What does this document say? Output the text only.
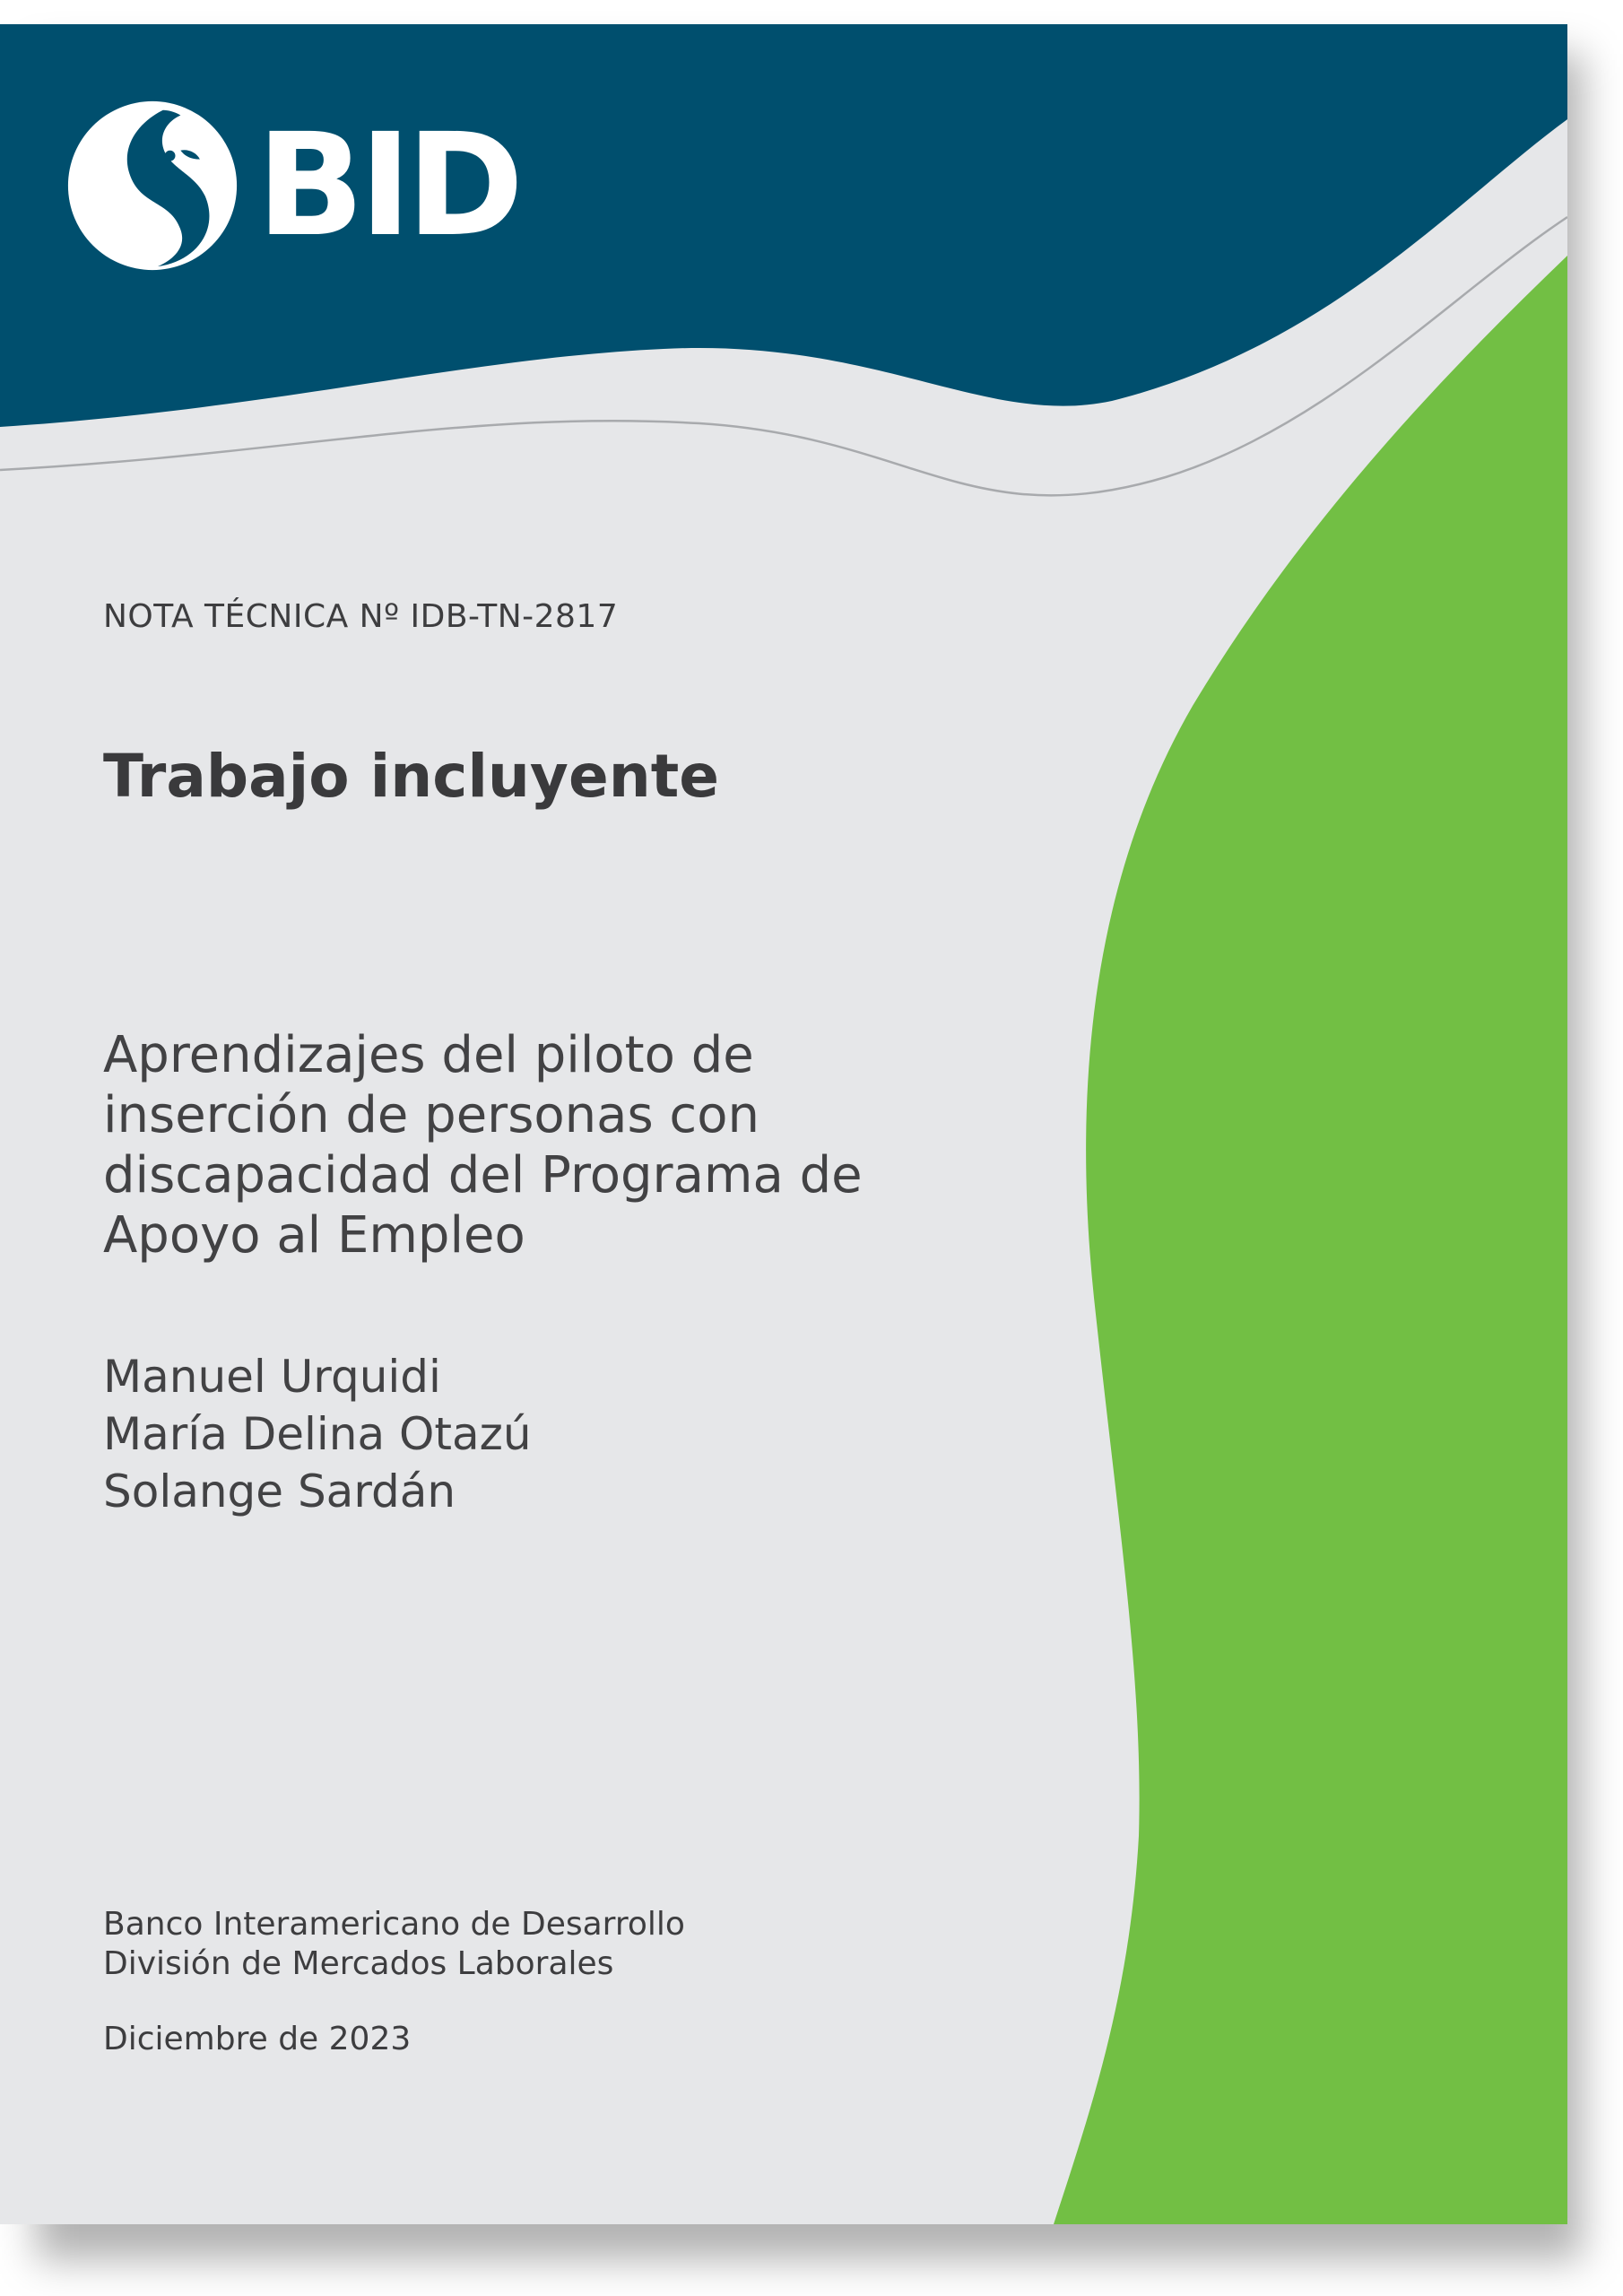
BID
NOTA TÉCNICA Nº IDB-TN-2817
Trabajo incluyente
Aprendizajes del piloto de
inserción de personas con
discapacidad del Programa de
Apoyo al Empleo
Manuel Urquidi
María Delina Otazú
Solange Sardán
Banco Interamericano de Desarrollo
División de Mercados Laborales
Diciembre de 2023
